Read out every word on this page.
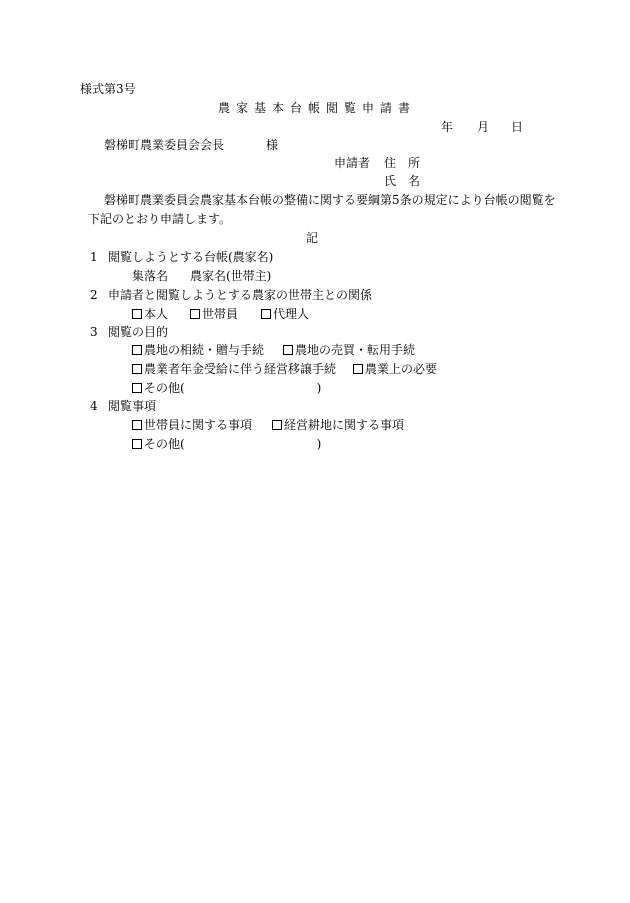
様式第3号
農家基本台帳閲覧申請書
年 月 日
磐梯町農業委員会会長	様
申請者 住　所
氏　名
磐梯町農業委員会農家基本台帳の整備に関する要綱第5条の規定により台帳の閲覧を
下記のとおり申請します。
記
1 閲覧しようとする台帳(農家名)
集落名 農家名(世帯主)
2 申請者と閲覧しようとする農家の世帯主との関係
本人	世帯員	代理人
3 閲覧の目的
農地の相続・贈与手続	農地の売買・転用手続
農業者年金受給に伴う経営移譲手続	農業上の必要
その他(　　　　　　　　　　　)
4 閲覧事項
世帯員に関する事項	経営耕地に関する事項
その他(　　　　　　　　　　　)
